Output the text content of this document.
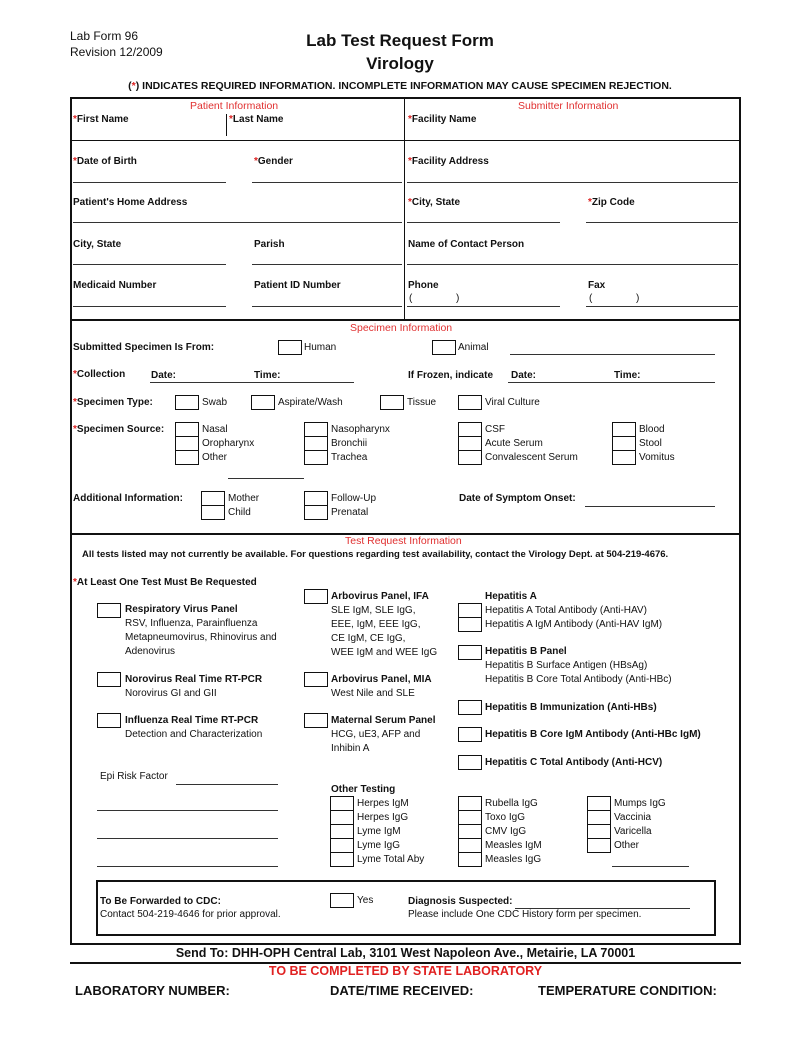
Lab Form 96
Revision 12/2009
Lab Test Request Form
Virology
(*) INDICATES REQUIRED INFORMATION. INCOMPLETE INFORMATION MAY CAUSE SPECIMEN REJECTION.
Patient Information
*First Name	*Last Name
*Date of Birth	*Gender
Patient's Home Address
City, State	Parish
Medicaid Number	Patient ID Number
Submitter Information
*Facility Name
*Facility Address
*City, State	*Zip Code
Name of Contact Person
Phone
(	)
Fax
(	)
Specimen Information
Submitted Specimen Is From:	Human	Animal
*Collection	Date:	Time:	If Frozen, indicate Date:	Time:
*Specimen Type:	Swab	Aspirate/Wash	Tissue	Viral Culture
*Specimen Source:	Nasal
Oropharynx
Other
Nasopharynx
Bronchii
Trachea
CSF
Acute Serum
Convalescent Serum
Blood
Stool
Vomitus
Additional Information:	Mother
Child
Follow-Up
Prenatal
Date of Symptom Onset:
Test Request Information
All tests listed may not currently be available. For questions regarding test availability, contact the Virology Dept. at 504-219-4676.
*At Least One Test Must Be Requested
Respiratory Virus Panel
RSV, Influenza, Parainfluenza
Metapneumovirus, Rhinovirus and
Adenovirus
Norovirus Real Time RT-PCR
Norovirus GI and GII
Influenza Real Time RT-PCR
Detection and Characterization
Epi Risk Factor
Arbovirus Panel, IFA
SLE IgM, SLE IgG,
EEE, IgM, EEE IgG,
CE IgM, CE IgG,
WEE IgM and WEE IgG
Arbovirus Panel, MIA
West Nile and SLE
Maternal Serum Panel
HCG, uE3, AFP and
Inhibin A
Hepatitis A
Hepatitis A Total Antibody (Anti-HAV)
Hepatitis A IgM Antibody (Anti-HAV IgM)
Hepatitis B Panel
Hepatitis B Surface Antigen (HBsAg)
Hepatitis B Core Total Antibody (Anti-HBc)
Hepatitis B Immunization (Anti-HBs)
Hepatitis B Core IgM Antibody (Anti-HBc IgM)
Hepatitis C Total Antibody (Anti-HCV)
Other Testing
Herpes IgM
Herpes IgG
Lyme IgM
Lyme IgG
Lyme Total Aby
Rubella IgG
Toxo IgG
CMV IgG
Measles IgM
Measles IgG
Mumps IgG
Vaccinia
Varicella
Other
To Be Forwarded to CDC:
Contact 504-219-4646 for prior approval.
Yes	Diagnosis Suspected:
Please include One CDC History form per specimen.
Send To: DHH-OPH Central Lab, 3101 West Napoleon Ave., Metairie, LA 70001
TO BE COMPLETED BY STATE LABORATORY
LABORATORY NUMBER:	DATE/TIME RECEIVED:	TEMPERATURE CONDITION:
